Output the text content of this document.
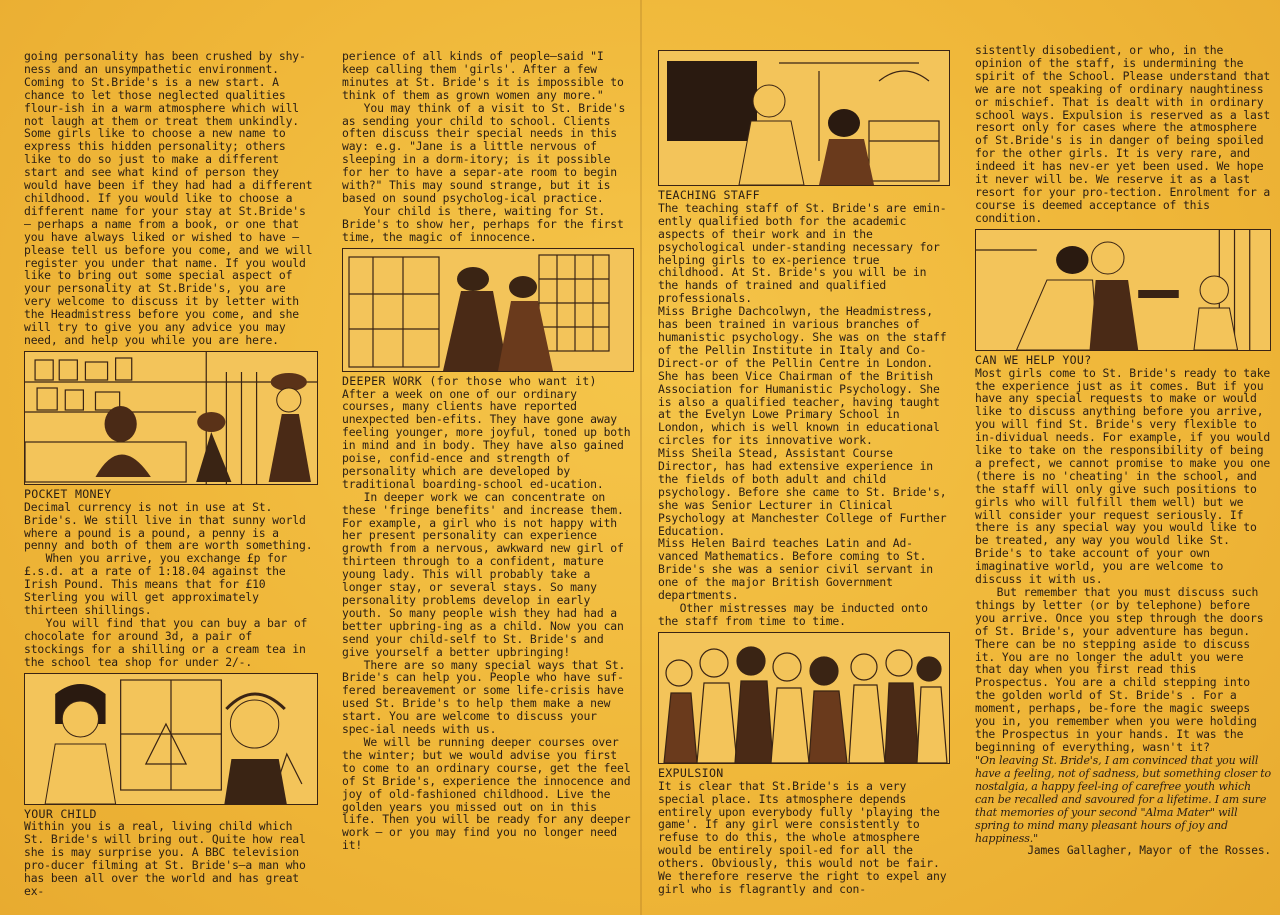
going personality has been crushed by shy-ness and an unsympathetic environment. Coming to St.Bride's is a new start. A chance to let those neglected qualities flour-ish in a warm atmosphere which will not laugh at them or treat them unkindly. Some girls like to choose a new name to express this hidden personality; others like to do so just to make a different start and see what kind of person they would have been if they had had a different childhood. If you would like to choose a different name for your stay at St.Bride's — perhaps a name from a book, or one that you have always liked or wished to have — please tell us before you come, and we will register you under that name. If you would like to bring out some special aspect of your personality at St.Bride's, you are very welcome to discuss it by letter with the Headmistress before you come, and she will try to give you any advice you may need, and help you while you are here.

POCKET MONEY

Decimal currency is not in use at St. Bride's. We still live in that sunny world where a pound is a pound, a penny is a penny and both of them are worth something.

When you arrive, you exchange £p for £.s.d. at a rate of 1:18.04 against the Irish Pound. This means that for £10 Sterling you will get approximately thirteen shillings.

You will find that you can buy a bar of chocolate for around 3d, a pair of stockings for a shilling or a cream tea in the school tea shop for under 2/-.

YOUR CHILD

Within you is a real, living child which St. Bride's will bring out. Quite how real she is may surprise you. A BBC television pro-ducer filming at St. Bride's—a man who has been all over the world and has great ex-

perience of all kinds of people—said "I keep calling them 'girls'. After a few minutes at St. Bride's it is impossible to think of them as grown women any more."

You may think of a visit to St. Bride's as sending your child to school. Clients often discuss their special needs in this way: e.g. "Jane is a little nervous of sleeping in a dorm-itory; is it possible for her to have a separ-ate room to begin with?" This may sound strange, but it is based on sound psycholog-ical practice.

Your child is there, waiting for St. Bride's to show her, perhaps for the first time, the magic of innocence.

DEEPER WORK (for those who want it)

After a week on one of our ordinary courses, many clients have reported unexpected ben-efits. They have gone away feeling younger, more joyful, toned up both in mind and in body. They have also gained poise, confid-ence and strength of personality which are developed by traditional boarding-school ed-ucation.

In deeper work we can concentrate on these 'fringe benefits' and increase them. For example, a girl who is not happy with her present personality can experience growth from a nervous, awkward new girl of thirteen through to a confident, mature young lady. This will probably take a longer stay, or several stays. So many personality problems develop in early youth. So many people wish they had had a better upbring-ing as a child. Now you can send your child-self to St. Bride's and give yourself a better upbringing!

There are so many special ways that St. Bride's can help you. People who have suf-fered bereavement or some life-crisis have used St. Bride's to help them make a new start. You are welcome to discuss your spec-ial needs with us.

We will be running deeper courses over the winter; but we would advise you first to come to an ordinary course, get the feel of St Bride's, experience the innocence and joy of old-fashioned childhood. Live the golden years you missed out on in this life. Then you will be ready for any deeper work — or you may find you no longer need it!

TEACHING STAFF

The teaching staff of St. Bride's are emin-ently qualified both for the academic aspects of their work and in the psychological under-standing necessary for helping girls to ex-perience true childhood. At St. Bride's you will be in the hands of trained and qualified professionals.

Miss Brighe Dachcolwyn, the Headmistress, has been trained in various branches of humanistic psychology. She was on the staff of the Pellin Institute in Italy and Co-Direct-or of the Pellin Centre in London. She has been Vice Chairman of the British Association for Humanistic Psychology. She is also a qualified teacher, having taught at the Evelyn Lowe Primary School in London, which is well known in educational circles for its innovative work.

Miss Sheila Stead, Assistant Course Director, has had extensive experience in the fields of both adult and child psychology. Before she came to St. Bride's, she was Senior Lecturer in Clinical Psychology at Manchester College of Further Education.

Miss Helen Baird teaches Latin and Ad-vanced Mathematics. Before coming to St. Bride's she was a senior civil servant in one of the major British Government departments.

Other mistresses may be inducted onto the staff from time to time.

EXPULSION

It is clear that St.Bride's is a very special place. Its atmosphere depends entirely upon everybody fully 'playing the game'. If any girl were consistently to refuse to do this, the whole atmosphere would be entirely spoil-ed for all the others. Obviously, this would not be fair. We therefore reserve the right to expel any girl who is flagrantly and con-

sistently disobedient, or who, in the opinion of the staff, is undermining the spirit of the School. Please understand that we are not speaking of ordinary naughtiness or mischief. That is dealt with in ordinary school ways. Expulsion is reserved as a last resort only for cases where the atmosphere of St.Bride's is in danger of being spoiled for the other girls. It is very rare, and indeed it has nev-er yet been used. We hope it never will be. We reserve it as a last resort for your pro-tection. Enrolment for a course is deemed acceptance of this condition.

CAN WE HELP YOU?

Most girls come to St. Bride's ready to take the experience just as it comes. But if you have any special requests to make or would like to discuss anything before you arrive, you will find St. Bride's very flexible to in-dividual needs. For example, if you would like to take on the responsibility of being a prefect, we cannot promise to make you one (there is no 'cheating' in the school, and the staff will only give such positions to girls who will fulfill them well) but we will consider your request seriously. If there is any special way you would like to be treated, any way you would like St. Bride's to take account of your own imaginative world, you are welcome to discuss it with us.

But remember that you must discuss such things by letter (or by telephone) before you arrive. Once you step through the doors of St. Bride's, your adventure has begun. There can be no stepping aside to discuss it. You are no longer the adult you were that day when you first read this Prospectus. You are a child stepping into the golden world of St. Bride's . For a moment, perhaps, be-fore the magic sweeps you in, you remember when you were holding the Prospectus in your hands. It was the beginning of everything, wasn't it?

"On leaving St. Bride's, I am convinced that you will have a feeling, not of sadness, but something closer to nostalgia, a happy feel-ing of carefree youth which can be recalled and savoured for a lifetime. I am sure that memories of your second "Alma Mater" will spring to mind many pleasant hours of joy and happiness."

James Gallagher, Mayor of the Rosses.
